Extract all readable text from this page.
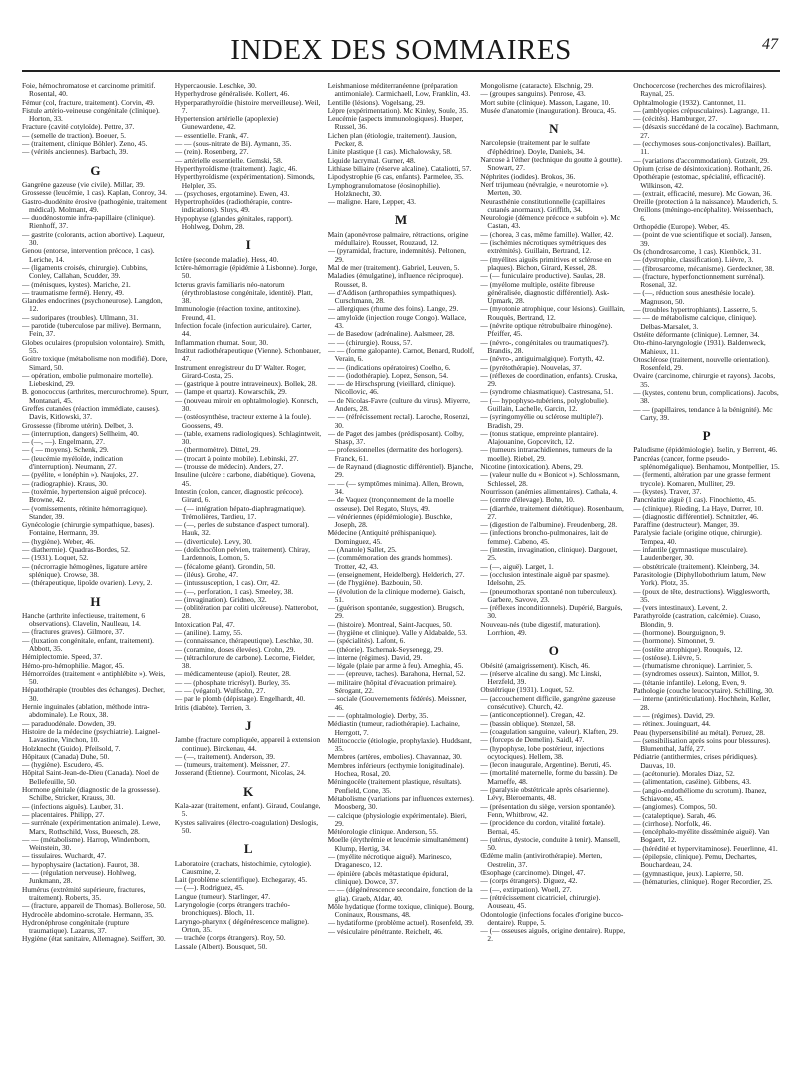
INDEX DES SOMMAIRES	47

Foie, hémochromatose et carcinome primitif. Rosental, 40.

Fémur (col, fracture, traitement). Corvin, 49.

Fistule artério-veineuse congénitale (clinique). Horton, 33.

Fracture (cavité cotyloïde). Pettre, 37.

— (semelle de traction). Boeuer, 5.

— (traitement, clinique Böhler). Zeno, 45.

— (vérités anciennes). Barbach, 39.

G

Gangrène gazeuse (vie civile). Millar, 39.

Grossesse (leucémie, 1 cas). Kaplan, Conroy, 34.

Gastro-duodénite érosive (pathogénie, traitement médical). Molmant, 49.

— duodénostomie infra-papillaire (clinique). Rienhoff, 37.

— gastrite (colorants, action abortive). Laqueur, 30.

Genou (entorse, intervention précoce, 1 cas). Leriche, 14.

— (ligaments croisés, chirurgie). Cubbins, Conley, Callahan, Scudder, 39.

— (ménisques, kystes). Mariche, 21.

— traumatisme fermé). Henry, 49.

Glandes endocrines (psychoneurose). Langdon, 12.

— sudoripares (troubles). Ullmann, 31.

— parotide (tuberculose par milive). Bermann, Fein, 37.

Globes oculaires (propulsion volontaire). Smith, 55.

Goitre toxique (métabolisme non modifié). Dore, Simard, 50.

— opération, embolie pulmonaire mortelle). Liebeskind, 29.

B. gonococcus (arthrites, mercurochrome). Spurr, Montanari, 45.

Greffes cutanées (réaction immédiate, causes). Davis, Kitlowski, 37.

Grossesse (fibrome utérin). Delbet, 3.

— (interruption, dangers) Sellheim, 40.

— (—, —). Engelmann, 27.

— ( — moyens). Schenk, 29.

— (leucémie myéloïde, indication d'interruption). Neumann, 27.

— (pyélite, « lonéphin »). Naujoks, 27.

— (radiographie). Kraus, 30.

— (toxémie, hypertension aiguë précoce). Browne, 42.

— (vomissements, rétinite hémorragique). Stander, 39.

Gynécologie (chirurgie sympathique, bases). Fontaine, Hermann, 39.

— (hygiène). Weber, 46.

— diathermie). Quadras-Bordes, 52.

— (1931). Loquet, 52.

— (nécrorragie hémogènes, ligature artère splénique). Crowse, 38.

— (thérapeutique, lipoïde ovarien). Levy, 2.

H

Hanche (arthrite infectieuse, traitement, 6 observations). Clavelin, Naulleau, 14.

— (fractures graves). Gilmore, 37.

— (luxation congénitale, enfant, traitement). Abbott, 35.

Hémiplectomie. Speed, 37.

Hémo-pro-hémophilie. Magor, 45.

Hémorroïdes (traitement « antiphlébite »). Weis, 50.

Hépatothérapie (troubles des échanges). Decher, 30.

Hernie inguinales (ablation, méthode intra-abdominale). Le Roux, 38.

— paraduodénale. Dowden, 39.

Histoire de la médecine (psychiatrie). Laignel-Lavastine, Vinchon, 10.

Holzknecht (Guido). Pfeilsold, 7.

Hôpitaux (Canada) Duhe, 50.

— (hygiène). Escudero, 45.

Hôpital Saint-Jean-de-Dieu (Canada). Noel de Bellefeuille, 50.

Hormone génitale (diagnostic de la grossesse). Schilbe, Stricker, Krauss, 30.

— (infections aiguës). Lauber, 31.

— placentaires. Philipp, 27.

— surrénale (expérimentation animale). Lewe, Marx, Rothschild, Voss, Bueesch, 28.

— — (métabolisme). Harrop, Windenborn, Weinstein, 30.

— tissulaires. Wuchardt, 47.

— hypophysaire (lactation). Faurot, 38.

— — (régulation nerveuse). Hohlweg, Junkmann, 28.

Humérus (extrémité supérieure, fractures, traitement). Roberts, 35.

— (fracture, appareil de Thomas). Bollerose, 50.

Hydrocèle abdomino-scrotale. Hermann, 35.

Hydronéphrose congénitale (rupture traumatique). Lazarus, 37.

Hygiène (état sanitaire, Allemagne). Seiffert, 30.

Hypercaousie. Leschke, 30.

Hyperhydrose généralisée. Kollert, 46.

Hyperparathyroïdie (histoire merveilleuse). Weil, 7.

Hypertension artérielle (apoplexie) Gunewardene, 42.

— essentielle. Frank, 47.

— — (sous-nitrate de Bi). Aymann, 35.

— (rein). Rosenberg, 27.

— artérielle essentielle. Gemski, 58.

Hyperthyroïdisme (traitement). Jagic, 46.

Hyperthyroïdisme (expérimentation). Simonds, Helpler, 35.

— (psychoses, ergotamine). Ewen, 43.

Hypertrophoïdes (radiothérapie, contre-indications). Sluys, 49.

Hypophyse (glandes génitales, rapport). Hohlweg, Dohrn, 28.

I

Ictère (seconde maladie). Hess, 40.

Ictère-hémorragie (épidémie à Lisbonne). Jorge, 50.

Icterus gravis familiaris néo-natorum (érythroblastose congénitale, identité). Platt, 38.

Immunologie (réaction toxine, antitoxine). Freund, 41.

Infection focale (infection auriculaire). Carter, 44.

Inflammation rhumat. Sour, 30.

Institut radiothérapeutique (Vienne). Schonbauer, 47.

Instrument enregistreur du D' Walter. Roger, Girard-Costa, 25.

— (gastrique à poutre intraveineux). Bollek, 28.

— (lampe et quartz). Kowarschik, 29.

— (nouveau miroir en ophtalmologie). Konrsch, 30.

— (ostéosynthèse, tracteur externe à la foule). Goossens, 49.

— (table, examens radiologiques). Schlagintweit, 30.

— (thermomètre). Dittel, 29.

— (trocart à pointe mobile). Lebinski, 27.

— (trousse de médecin). Anders, 27.

Insuline (ulcère : carbone, diabétique). Govena, 45.

Intestin (colon, cancer, diagnostic précoce). Girard, 6.

— (— intégration hépato-diaphragmatique). Trémolières, Tardieu, 17.

— (—, perles de substance d'aspect tumoral). Hauk, 32.

— (diverticule). Levy, 30.

— (dolichocôlon pelvien, traitement). Chiray, Lardennois, Lomon, 5.

— (fécalome géant). Grondin, 50.

— (iléus). Grohe, 47.

— (intussusception, 1 cas). Orr, 42.

— (—, perforation, 1 cas). Smeeley, 38.

— (invagination). Gridneo, 32.

— (oblitération par coliti ulcéreuse). Natterobot, 28.

Intoxication Pal, 47.

— (aniline). Lamy, 55.

— (connaissance, thérapeutique). Leschke, 30.

— (coramine, doses élevées). Crohn, 29.

— (tétrachlorure de carbone). Lecorne, Fielder, 38.

— médicamenteuse (apiol). Reuter, 28.

— — (phosphate tricrésyl). Burley, 35.

— — (végatol). Wulfsohn, 27.

— par le plomb (dépistage). Engelhardt, 40.

Iritis (diabète). Terrien, 3.

J

Jambe (fracture compliquée, appareil à extension continue). Birckenau, 44.

— (—, traitement). Anderson, 39.

— (tumeurs, traitement). Meissner, 27.

Josserand (Étienne). Courmont, Nicolas, 24.

K

Kala-azar (traitement, enfant). Giraud, Coulange, 5.

Kystes salivaires (électro-coagulation) Deslogis, 50.

L

Laboratoire (crachats, histochimie, cytologie). Causmine, 2.

Lait (problème scientifique). Etchegaray, 45.

— (—). Rodriguez, 45.

Langue (tumeur). Starlinger, 47.

Laryngologie (corps étrangers trachéo-bronchiques). Bloch, 11.

Laryngo-pharynx ( dégénérescence maligne). Orton, 35.

— trachée (corps étrangers). Roy, 50.

Lassale (Albert). Bousquet, 50.

Leishmaniose méditerranéenne (préparation antimoniale). Carmichaell, Low, Franklin, 43.

Lentille (lésions). Vogelsang, 29.

Lèpre (expérimentation). Mc Kinley, Soule, 35.

Leucémie (aspects immunologiques). Hueper, Russel, 36.

Lichen plan (étiologie, traitement). Jausion, Pecker, 8.

Linite plastique (1 cas). Michalowsky, 58.

Liquide lacrymal. Gurner, 48.

Lithiase biliaire (réserve alcaline). Cataliotti, 57.

Lipodystrophie (6 cas, enfants). Parmelee, 35.

Lymphogranulomatose (éosinophilie). Holzknecht, 30.

— maligne. Hare, Lepper, 43.

M

Main (aponévrose palmaire, rétractions, origine médullaire). Rousset, Rouzaud, 12.

— (pyramidal, fracture, indemnités). Peltonen, 29.

Mal de mer (traitement). Gabriel, Leuven, 5.

Maladies (émulgatine), influence réciproque). Rousset, 8.

— d'Addison (arthropathies sympathiques). Curschmann, 28.

— allergiques (rhume des foins). Lange, 29.

— amyloïde (injection rouge Congo). Wallace, 43.

— de Basedow (adrénaline). Aalsmeer, 28.

— — (chirurgie). Rouss, 57.

— — (forme galopante). Carnot, Benard, Rudolf, Verain, 6.

— — (indications opératoires) Coelho, 6.

— — (iodothérapie). Lopez, Senson, 54.

— — de Hirschsprung (vieillard, clinique). Nicollovic, 46.

— de Nicolas-Favre (culture du virus). Miyerre, Anders, 28.

— — (réfrécissement rectal). Laroche, Rosenzi, 30.

— de Paget des jambes (prédisposant). Colby, Shasp, 37.

— professionnelles (dermatite des horlogers). Franck, 61.

— de Raynaud (diagnostic différentiel). Bjanche, 29.

— — (— symptômes minima). Allen, Brown, 34.

— de Vaquez (tronçonnement de la moelle osseuse). Del Regato, Sluys, 49.

— vénériennes (épidémiologie). Buschke, Joseph, 28.

Médecine (Antiquité préhispanique). Dominguez, 45.

— (Anatole) Sallet, 25.

— (commémoration des grands hommes). Trotter, 42, 43.

— (enseignement, Heidelberg). Helderich, 27.

— (de l'hygiène). Bazbouin, 50.

— (évolution de la clinique moderne). Gaisch, 51.

— (guérison spontanée, suggestion). Brugsch, 29.

— (histoire). Montreal, Saint-Jacques, 50.

— (hygiène et clinique). Valle y Aldabalde, 53.

— (spécialités). Lafont, 6.

— (théorie). Tschernak-Seysenegg, 29.

— interne (régimes). David, 29.

— légale (plaie par arme à feu). Ameghia, 45.

— — (epreuve, taches). Barahona, Hernal, 52.

— militaire (hôpital d'évacuation primaire). Sérogant, 22.

— sociale (Gouvernements fédérés). Meissner, 46.

— — (ophtalmologie). Derby, 35.

Médiastin (tumeur, radiothérapie). Lachaine, Herrgott, 7.

Mélitococcie (étiologie, prophylaxie). Huddsant, 35.

Membres (artères, embolies). Chavannaz, 30.

Membres inférieurs (ecthymie lonigitudinale). Hochea, Rosal, 20.

Méningocèle (traitement plastique, résultats). Penfield, Cone, 35.

Métabolisme (variations par influences externes). Moosberg, 30.

— calcique (physiologie expérimentale). Bieri, 29.

Météorologie clinique. Anderson, 55.

Moelle (érythrémie et leucémie simultanément) Klump, Hertig, 34.

— (myélite nécrotique aiguë). Marinesco, Draganesco, 12.

— épinière (abcès métastatique épidural, clinique). Dowce, 37.

— — (dégénérescence secondaire, fonction de la glia). Graeb, Aldar, 40.

Môle hydatique (forme toxique, clinique). Bourg, Coninaux, Rousmans, 48.

— hydatiforme (problème actuel). Rosenfeld, 39.

— vésiculaire pénétrante. Reichelt, 46.

Mongolisme (cataracte). Elschnig, 29.

— (groupes sanguins). Penrose, 43.

Mort subite (clinique). Masson, Lagane, 10.

Musée d'anatomie (inauguration). Brouca, 45.

N

Narcolepsie (traitement par le sulfate d'éphédrine). Doyle, Daniels, 34.

Narcose à l'éther (technique du goutte à goutte). Snowart, 27.

Néphrites (iodides). Brokos, 36.

Nerf trijumeau (névralgie, « neurotomie »). Merten, 30.

Neurasthénie constitutionnelle (capillaires cutanés anormaux). Griffith, 34.

Neurologie (démence précoce « subfoin »). Mc Castan, 43.

— (chorea, 3 cas, même famille). Waller, 42.

— (ischémies nécrotiques symétriques des extrémités). Guillain, Bertrand, 12.

— (myélites aiguës primitives et sclérose en plaques). Bichon, Girard, Kessel, 28.

— (— funiculaire productive). Saulas, 28.

— (myélome multiple, ostéite fibreuse généralisée, diagnostic différentiel). Ask-Upmark, 28.

— (myotonie atrophique, cour lésions). Guillain, Rouquès, Bertrand, 12.

— (névrite optique rétrobulbaire rhinogène). Pfeiffer, 45.

— (névro-, congénitales ou traumatiques?). Brandis, 28.

— (névro-, antiguirnalgique). Fortyth, 42.

— (pyrétothérapie). Nouvelas, 37.

— (réflexes de coordination, enfants). Cruska, 29.

— (syndrome chiasmatique). Castresana, 51.

— (— hypophyso-tubériens, polyglobulie). Guillain, Lachelle, Garcin, 12.

— (syringomyélie ou sclérose multiple?). Bradish, 29.

— (tonus statique, empreinte plantaire). Alajouanine, Gopcevitch, 12.

— (tumeurs intrarachidiennes, tumeurs de la moelle). Riebel, 29.

Nicotine (intoxication). Abens, 29.

— (valeur nulle du « Bonicot »). Schlossmann, Schlessel, 28.

Nourrisson (anémies alimentaires). Cathala, 4.

— (centre d'élevage). Bohn, 10.

— (diarrhée, traitement diététique). Rosenbaum, 27.

— (digestion de l'albumine). Freudenberg, 28.

— (infections broncho-pulmonaires, lait de femme). Cabeno, 45.

— (intestin, invagination, clinique). Dargouet, 25.

— (—, aiguë). Larget, 1.

— (occlusion intestinale aiguë par spasme). Idelsohn, 25.

— (pneumothorax spontané non tuberculeux). Garbere, Savove, 23.

— (réflexes inconditionnels). Dupérié, Barguès, 30.

Nouveau-nés (tube digestif, maturation). Lorrhion, 49.

O

Obésité (amaigrissement). Kisch, 46.

— (réserve alcaline du sang). Mc Linski, Herzfeld, 39.

Obstétrique (1931). Loquet, 52.

— (accouchement difficile, gangrène gazeuse consécutive). Church, 42.

— (anticonceptionnel). Cregan, 42.

— (bassin oblique). Stenzel, 58.

— (coagulation sanguine, valeur). Klaften, 29.

— (forceps de Demelin). Saidl, 47.

— (hypophyse, lobe postérieur, injections ocytociques). Hellem, 38.

— (lecon inaugurale, Argentine). Beruti, 45.

— (mortalité maternelle, forme du bassin). De Marneffe, 48.

— (paralysie obstétricale après césarienne). Lévy, Bleroemants, 48.

— (présentation du siège, version spontanée). Fenn, Whitbrow, 42.

— (procidence du cordon, vitalité fœtale). Bernai, 45.

— (utérus, dystocie, conduite à tenir). Mansell, 50.

Œdème malin (antivirothérapie). Merten, Oestrelin, 37.

Œsophage (carcinome). Dingel, 47.

— (corps étrangers). Diguez, 42.

— (—, extirpation). Woell, 27.

— (rétrécissement cicatriciel, chirurgie). Aouseau, 45.

Odontologie (infections focales d'origine bucco-dentaire). Ruppe, 5.

— (— osseuses aiguës, origine dentaire). Ruppe, 2.

Onchocercose (recherches des microfilaires). Raynal, 25.

Ophtalmologie (1932). Cantonnet, 11.

— (amblyopies crépusculaires). Lagrange, 11.

— (cécités). Hamburger, 27.

— (désaxis succédané de la cocaïne). Bachmann, 27.

— (ecchymoses sous-conjonctivales). Baillart, 11.

— (variations d'accommodation). Gutzeit, 29.

Opium (crise de désintoxication). Rothanlt, 26.

Opothérapie (estomac, spécialité, efficacité). Wilkinson, 42.

— (extrait, efficacité, mesure). Mc Gowan, 36.

Oreille (protection à la naissance). Mauderich, 5.

Oreillons (méningo-encéphalite). Weissenbach, 6.

Orthopédie (Europe). Weber, 45.

— (point de vue scientifique et social). Jansen, 39.

Os (chondrosarcome, 1 cas). Kienböck, 31.

— (dystrophie, classification). Lièvre, 3.

— (fibrosarcome, mécanisme). Gerdeckner, 38.

— (fracture, hyperfonctionnement surrénal). Rosenal, 32.

— (—, réduction sous anesthésie locale). Magnuson, 50.

— (troubles hypertrophiants). Lasserre, 5.

— — de métabolisme calcique, clinique). Delbas-Marsalet, 3.

Ostéite déformante (clinique). Lemner, 34.

Oto-rhino-laryngologie (1931). Baldenweck, Mahieux, 11.

Otosclérose (traitement, nouvelle orientation). Rosenfeld, 29.

Ovaire (carcinome, chirurgie et rayons). Jacobs, 35.

— (kystes, contenu brun, complications). Jacobs, 38.

— — (papillaires, tendance à la bénignité). Mc Carty, 39.

P

Paludisme (épidémiologie). Iselin, y Berrent, 46.

Pancréas (cancer, forme pseudo-splénomégalique). Benhamou, Montpellier, 15.

— (fermenti, altération par une grasse ferment trycole). Komaren, Mulliter, 29.

— (kystes). Traver, 37.

Pancréatite aiguë (1 cas). Finochietto, 45.

— (clinique). Rieding, La Haye, Durrer, 10.

— (diagnostic différentiel). Schnitzler, 46.

Paraffine (destructeur). Manger, 39.

Paralysie faciale (origine otique, chirurgie). Tempea, 40.

— infantile (gymnastique musculaire). Laudenberger, 30.

— obstétricale (traitement). Kleinberg, 34.

Parasitologie (Diphyllobothrium latum, New York). Plotz, 35.

— (poux de tête, destructions). Wigglesworth, 35.

— (vers intestinaux). Levent, 2.

Parathyroïde (castration, calcémie). Cuaso, Blondin, 9.

— (hormone). Bourguignon, 9.

— (hormone). Simonnet, 9.

— (ostéite atrophique). Rouquès, 12.

— (ostéose). Lièvre, 5.

— (rhumatisme chronique). Larrinier, 5.

— (syndromes osseux). Sainton, Millot, 9.

— (tétanie infantile). Lelong, Even, 9.

Pathologie (couche leucocytaire). Schilling, 30.

— interne (antiréticulation). Hochhein, Keller, 28.

— — (régimes). David, 29.

— rétinex. Jouinguart, 44.

Peau (hypersensibilité au métal). Peruez, 28.

— (sensibilisation après soins pour blessures). Blumenthal, Jaffé, 27.

Pédiatrie (antithermies, crises péridiques). Dauvas, 10.

— (acétonurie). Morales Diaz, 52.

— (alimentation, caséine). Gibbens, 43.

— (angio-endothéliome du scrotum). Ibanez, Schiavone, 45.

— (angiomes). Compos, 50.

— (cataleptique). Sarah, 46.

— (cirrhose). Norfolk, 46.

— (encéphalo-myélite disséminée aiguë). Van Bogaert, 12.

— (hérédité et hypervitaminose). Feuerlinne, 41.

— (épilepsie, clinique). Pemu, Dechartes, Bouchardeau, 24.

— (gymnastique, jeux). Lapierre, 50.

— (hématuries, clinique). Roger Recordier, 25.
